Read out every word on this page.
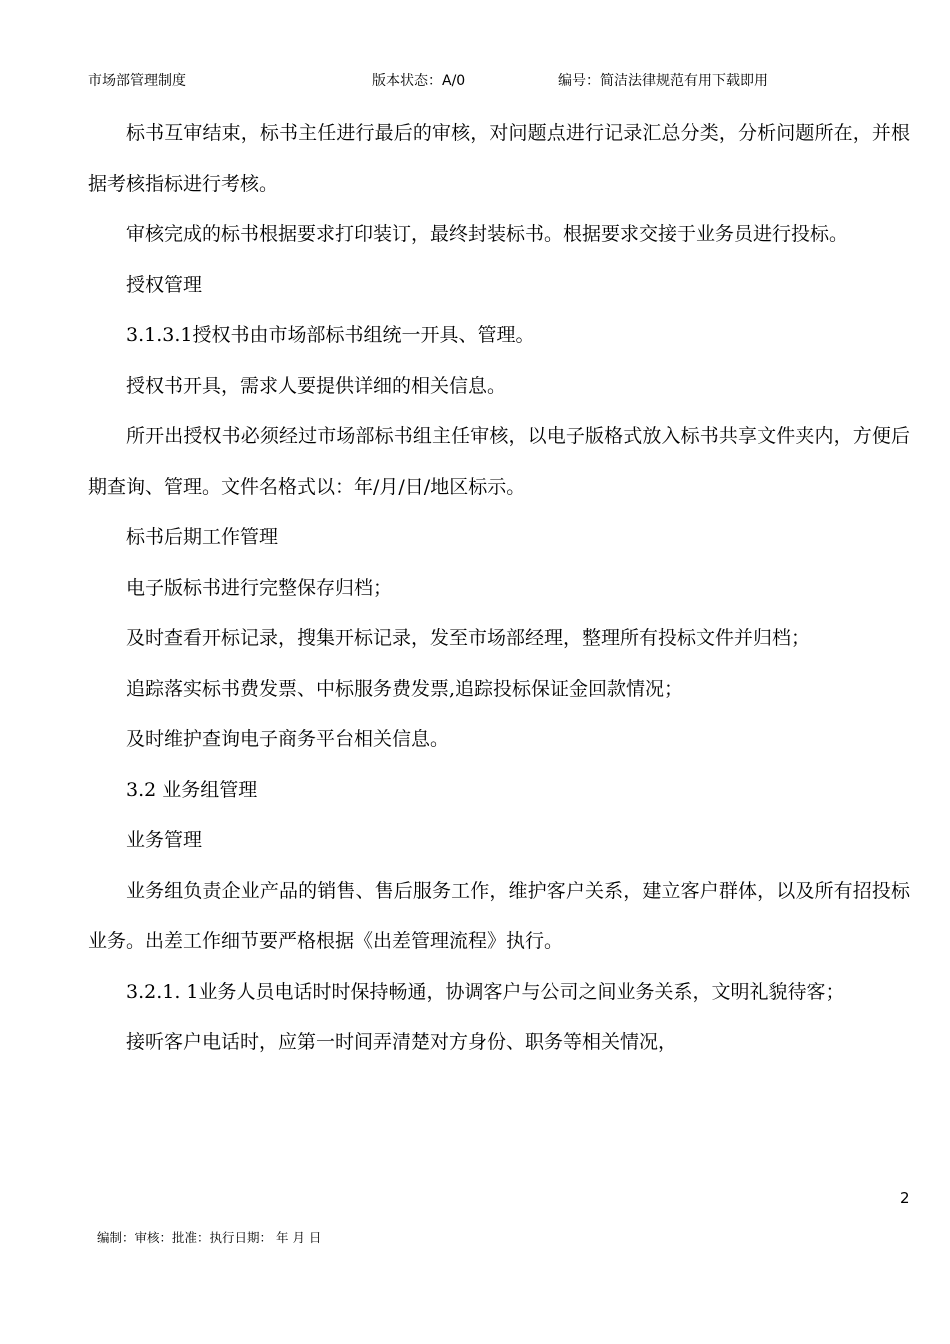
市场部管理制度	版本状态：A/0	编号：简洁法律规范有用下载即用

标书互审结束，标书主任进行最后的审核，对问题点进行记录汇总分类，分析问题所在，并根据考核指标进行考核。

审核完成的标书根据要求打印装订，最终封装标书。根据要求交接于业务员进行投标。

授权管理

3.1.3.1授权书由市场部标书组统一开具、管理。

授权书开具，需求人要提供详细的相关信息。

所开出授权书必须经过市场部标书组主任审核，以电子版格式放入标书共享文件夹内，方便后期查询、管理。文件名格式以：年/月/日/地区标示。

标书后期工作管理

电子版标书进行完整保存归档；

及时查看开标记录，搜集开标记录，发至市场部经理，整理所有投标文件并归档；

追踪落实标书费发票、中标服务费发票,追踪投标保证金回款情况；

及时维护查询电子商务平台相关信息。

3.2 业务组管理

业务管理

业务组负责企业产品的销售、售后服务工作，维护客户关系，建立客户群体，以及所有招投标业务。出差工作细节要严格根据《出差管理流程》执行。

3.2.1. 1业务人员电话时时保持畅通，协调客户与公司之间业务关系，文明礼貌待客；

接听客户电话时，应第一时间弄清楚对方身份、职务等相关情况，

2
编制：审核：批准：执行日期： 年 月 日
